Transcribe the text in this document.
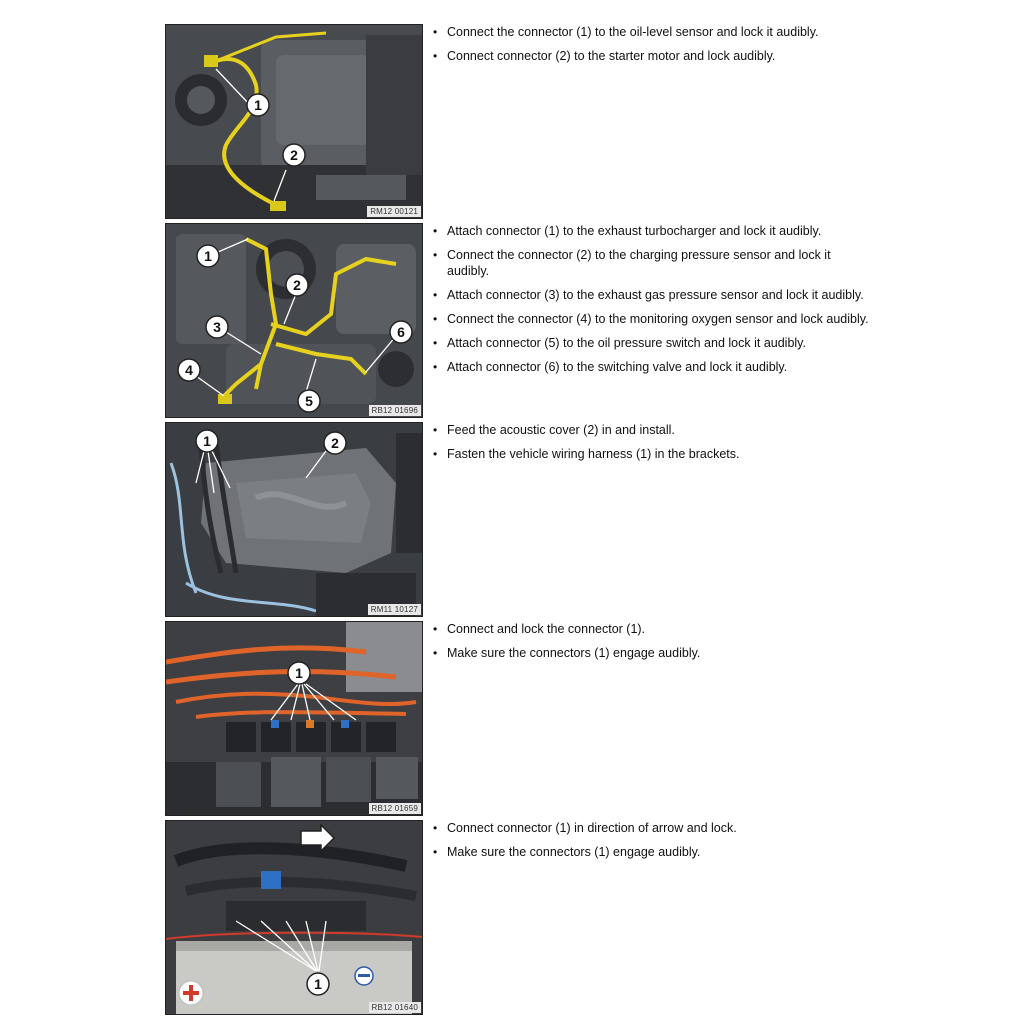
1
2
RM12 00121
• Connect the connector (1) to the oil-level sensor and lock it audibly.
• Connect connector (2) to the starter motor and lock audibly.
1
2
3
4
5
6
RB12 01696
• Attach connector (1) to the exhaust turbocharger and lock it audibly.
• Connect the connector (2) to the charging pressure sensor and lock it audibly.
• Attach connector (3) to the exhaust gas pressure sensor and lock it audibly.
• Connect the connector (4) to the monitoring oxygen sensor and lock audibly.
• Attach connector (5) to the oil pressure switch and lock it audibly.
• Attach connector (6) to the switching valve and lock it audibly.
1	2
RM11 10127
• Feed the acoustic cover (2) in and install.
• Fasten the vehicle wiring harness (1) in the brackets.
1
RB12 01659
• Connect and lock the connector (1).
• Make sure the connectors (1) engage audibly.
1
RB12 01640
• Connect connector (1) in direction of arrow and lock.
• Make sure the connectors (1) engage audibly.
